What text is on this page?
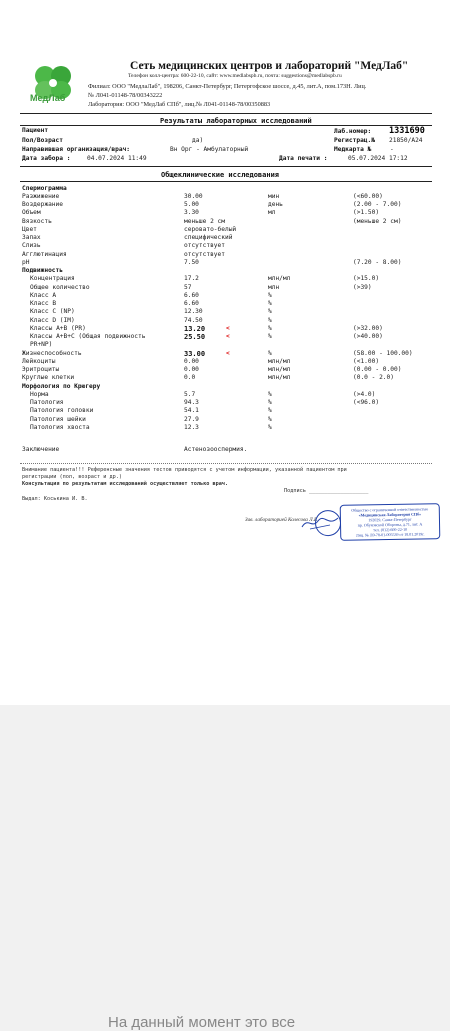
МедЛаб
Сеть медицинских центров и лабораторий "МедЛаб"
Телефон колл-центра: 600-22-10, сайт: www.medlabspb.ru, почта: suggestions@medlabspb.ru
Филиал: ООО "МедлаЛаб", 198206, Санкт-Петербург, Петергофское шоссе, д.45, лит.А, пом.173Н. Лиц.
№ Л041-01148-78/00343222
Лаборатория: ООО "МедЛаб СПб", лиц.№ Л041-01148-78/00350883
Результаты лабораторных исследований
Пациент
Пол/Возраст	да)
Направившая организация/врач:	Вн Орг - Амбулаторный
Дата забора :	04.07.2024 11:49
Лаб.номер: 1331690
Регистрац.№ 21850/А24
Медкарта №	-
Дата печати :	05.07.2024 17:12
Общеклинические исследования
Спермограмма
Разжижение	30.00	мин	(<60.00)
Воздержание	5.00	день	(2.00 - 7.00)
Объем	3.30	мл	(>1.50)
Вязкость	меньше 2 см	(меньше 2 см)
Цвет	серовато-белый
Запах	специфический
Слизь	отсутствует
Агглютинация	отсутствует
рН	7.50	(7.20 - 8.00)
Подвижность
Концентрация	17.2	млн/мл	(>15.0)
Общее количество	57	млн	(>39)
Класс А	6.60	%
Класс В	6.60	%
Класс С (NP)	12.30	%
Класс D (IM)	74.50	%
Классы А+В (PR)	13.20	<	%	(>32.00)
Классы А+В+С (Общая подвижность	25.50	<	%	(>40.00)
PR+NP)
Жизнеспособность	33.00	<	%	(58.00 - 100.00)
Лейкоциты	0.00	млн/мл	(<1.00)
Эритроциты	0.00	млн/мл	(0.00 - 0.00)
Круглые клетки	0.0	млн/мл	(0.0 - 2.0)
Морфология по Крюгеру
Норма	5.7	%	(>4.0)
Патология	94.3	%	(<96.0)
Патология головки	54.1	%
Патология шейки	27.9	%
Патология хвоста	12.3	%
Заключение	Астенозооспермия.
Внимание пациента!!! Референсные значения тестов приводятся с учетом информации, указанной пациентом при
регистрации (пол, возраст и др.)
Консультация по результатам исследований осуществляет только врач.
Подпись ___________________
Выдал: Коськина И. В.
Зав. лабораторией Колесова Л.Е.
Общество с ограниченной ответственностью
«Медицинская Лаборатория СПб»
192029, Санкт-Петербург
пр. Обуховской Обороны, д.71, лит. А
тел. (812) 600-22-10
Лиц. № Л0-78-01-005539 от 18.01.2019г.
На данный момент это все
